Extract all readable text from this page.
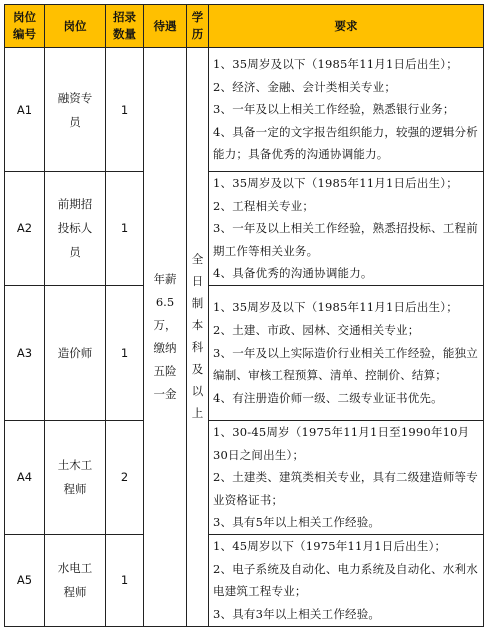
岗位编号	岗位	招录数量	待遇	学历	要求
A1	融资专员	1	年薪6.5万，缴纳五险一金	全日制本科及以上	1、35周岁及以下（1985年11月1日后出生）；
2、经济、金融、会计类相关专业；
3、一年及以上相关工作经验，熟悉银行业务；
4、具备一定的文字报告组织能力，较强的逻辑分析能力；具备优秀的沟通协调能力。

A2	前期招投标人员	1			1、35周岁及以下（1985年11月1日后出生）；
2、工程相关专业；
3、一年及以上相关工作经验，熟悉招投标、工程前期工作等相关业务。
4、具备优秀的沟通协调能力。

A3	造价师	1			1、35周岁及以下（1985年11月1日后出生）；
2、土建、市政、园林、交通相关专业；
3、一年及以上实际造价行业相关工作经验，能独立编制、审核工程预算、清单、控制价、结算；
4、有注册造价师一级、二级专业证书优先。

A4	土木工程师	2			1、30-45周岁（1975年11月1日至1990年10月30日之间出生）；
2、土建类、建筑类相关专业，具有二级建造师等专业资格证书；
3、具有5年以上相关工作经验。

A5	水电工程师	1			1、45周岁以下（1975年11月1日后出生）；
2、电子系统及自动化、电力系统及自动化、水利水电建筑工程专业；
3、具有3年以上相关工作经验。
